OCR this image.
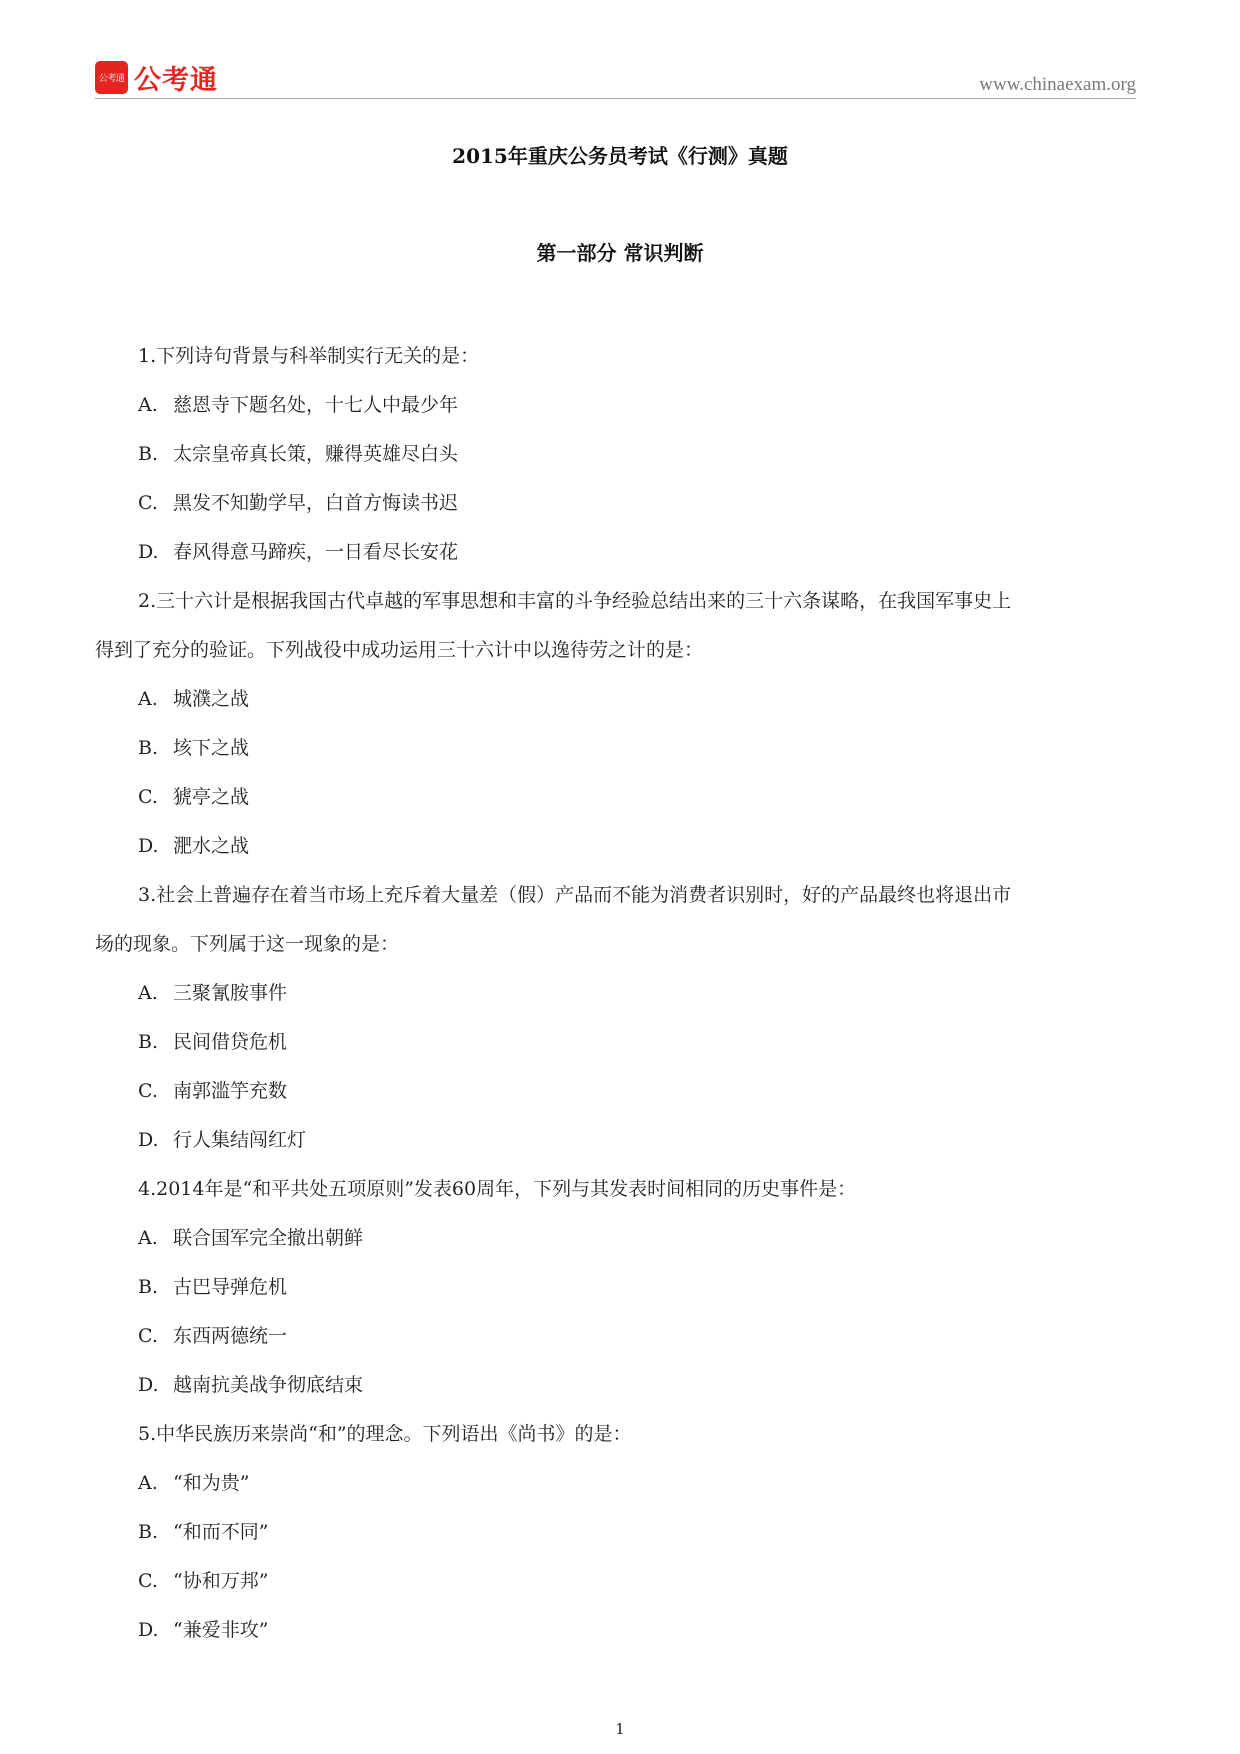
公考通 公考通	www.chinaexam.org
2015年重庆公务员考试《行测》真题
第一部分 常识判断
1.下列诗句背景与科举制实行无关的是：
A. 慈恩寺下题名处，十七人中最少年
B. 太宗皇帝真长策，赚得英雄尽白头
C. 黑发不知勤学早，白首方悔读书迟
D. 春风得意马蹄疾，一日看尽长安花
2.三十六计是根据我国古代卓越的军事思想和丰富的斗争经验总结出来的三十六条谋略，在我国军事史上
得到了充分的验证。下列战役中成功运用三十六计中以逸待劳之计的是：
A. 城濮之战
B. 垓下之战
C. 猇亭之战
D. 淝水之战
3.社会上普遍存在着当市场上充斥着大量差（假）产品而不能为消费者识别时，好的产品最终也将退出市
场的现象。下列属于这一现象的是：
A. 三聚氰胺事件
B. 民间借贷危机
C. 南郭滥竽充数
D. 行人集结闯红灯
4.2014年是“和平共处五项原则”发表60周年，下列与其发表时间相同的历史事件是：
A. 联合国军完全撤出朝鲜
B. 古巴导弹危机
C. 东西两德统一
D. 越南抗美战争彻底结束
5.中华民族历来崇尚“和”的理念。下列语出《尚书》的是：
A. “和为贵”
B. “和而不同”
C. “协和万邦”
D. “兼爱非攻”
1
